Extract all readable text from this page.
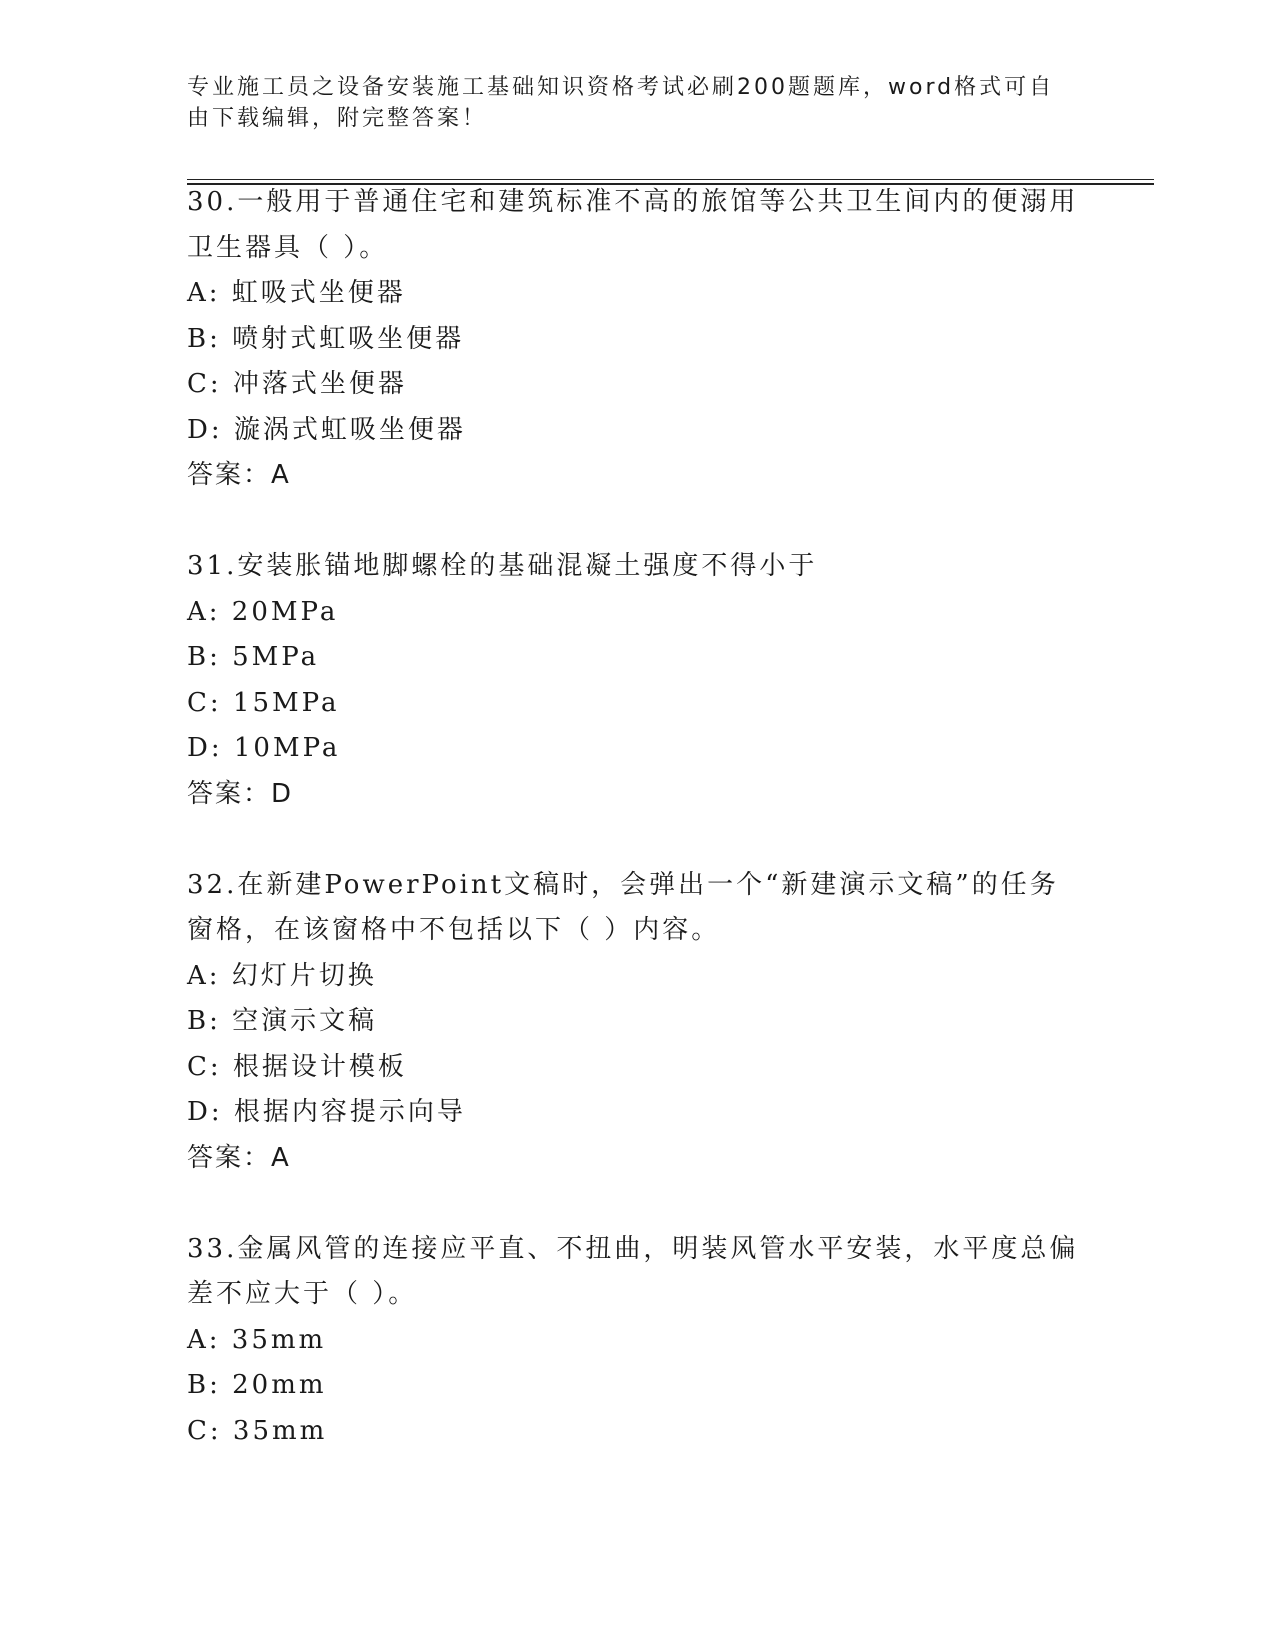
专业施工员之设备安装施工基础知识资格考试必刷200题题库，word格式可自由下载编辑，附完整答案！
30.一般用于普通住宅和建筑标准不高的旅馆等公共卫生间内的便溺用卫生器具（ ）。
A: 虹吸式坐便器
B: 喷射式虹吸坐便器
C: 冲落式坐便器
D: 漩涡式虹吸坐便器
答案：A
31.安装胀锚地脚螺栓的基础混凝土强度不得小于
A: 20MPa
B: 5MPa
C: 15MPa
D: 10MPa
答案：D
32.在新建PowerPoint文稿时，会弹出一个“新建演示文稿”的任务窗格，在该窗格中不包括以下（ ）内容。
A: 幻灯片切换
B: 空演示文稿
C: 根据设计模板
D: 根据内容提示向导
答案：A
33.金属风管的连接应平直、不扭曲，明装风管水平安装，水平度总偏差不应大于（ ）。
A: 35mm
B: 20mm
C: 35mm
